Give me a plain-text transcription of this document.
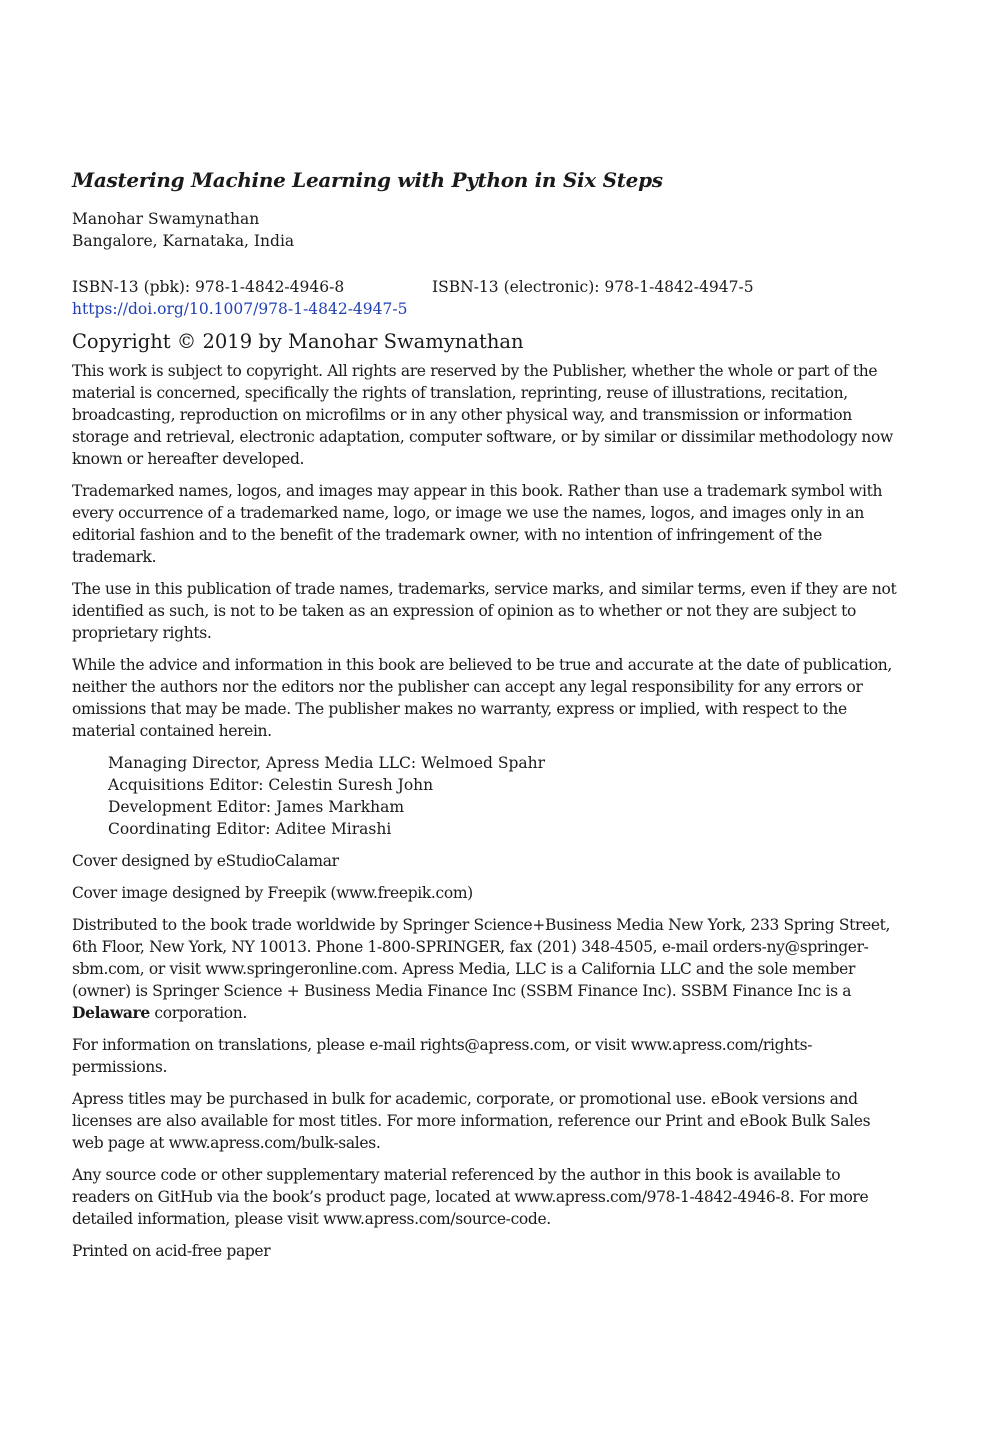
Mastering Machine Learning with Python in Six Steps
Manohar Swamynathan
Bangalore, Karnataka, India
ISBN-13 (pbk): 978-1-4842-4946-8	ISBN-13 (electronic): 978-1-4842-4947-5
https://doi.org/10.1007/978-1-4842-4947-5
Copyright © 2019 by Manohar Swamynathan

This work is subject to copyright. All rights are reserved by the Publisher, whether the whole or part of the material is concerned, specifically the rights of translation, reprinting, reuse of illustrations, recitation, broadcasting, reproduction on microfilms or in any other physical way, and transmission or information storage and retrieval, electronic adaptation, computer software, or by similar or dissimilar methodology now known or hereafter developed.

Trademarked names, logos, and images may appear in this book. Rather than use a trademark symbol with every occurrence of a trademarked name, logo, or image we use the names, logos, and images only in an editorial fashion and to the benefit of the trademark owner, with no intention of infringement of the trademark.

The use in this publication of trade names, trademarks, service marks, and similar terms, even if they are not identified as such, is not to be taken as an expression of opinion as to whether or not they are subject to proprietary rights.

While the advice and information in this book are believed to be true and accurate at the date of publication, neither the authors nor the editors nor the publisher can accept any legal responsibility for any errors or omissions that may be made. The publisher makes no warranty, express or implied, with respect to the material contained herein.

Managing Director, Apress Media LLC: Welmoed Spahr
Acquisitions Editor: Celestin Suresh John
Development Editor: James Markham
Coordinating Editor: Aditee Mirashi

Cover designed by eStudioCalamar

Cover image designed by Freepik (www.freepik.com)

Distributed to the book trade worldwide by Springer Science+Business Media New York, 233 Spring Street, 6th Floor, New York, NY 10013. Phone 1-800-SPRINGER, fax (201) 348-4505, e-mail orders-ny@springer-sbm.com, or visit www.springeronline.com. Apress Media, LLC is a California LLC and the sole member (owner) is Springer Science + Business Media Finance Inc (SSBM Finance Inc). SSBM Finance Inc is a Delaware corporation.

For information on translations, please e-mail rights@apress.com, or visit www.apress.com/rights-permissions.

Apress titles may be purchased in bulk for academic, corporate, or promotional use. eBook versions and licenses are also available for most titles. For more information, reference our Print and eBook Bulk Sales web page at www.apress.com/bulk-sales.

Any source code or other supplementary material referenced by the author in this book is available to readers on GitHub via the book’s product page, located at www.apress.com/978-1-4842-4946-8. For more detailed information, please visit www.apress.com/source-code.

Printed on acid-free paper
